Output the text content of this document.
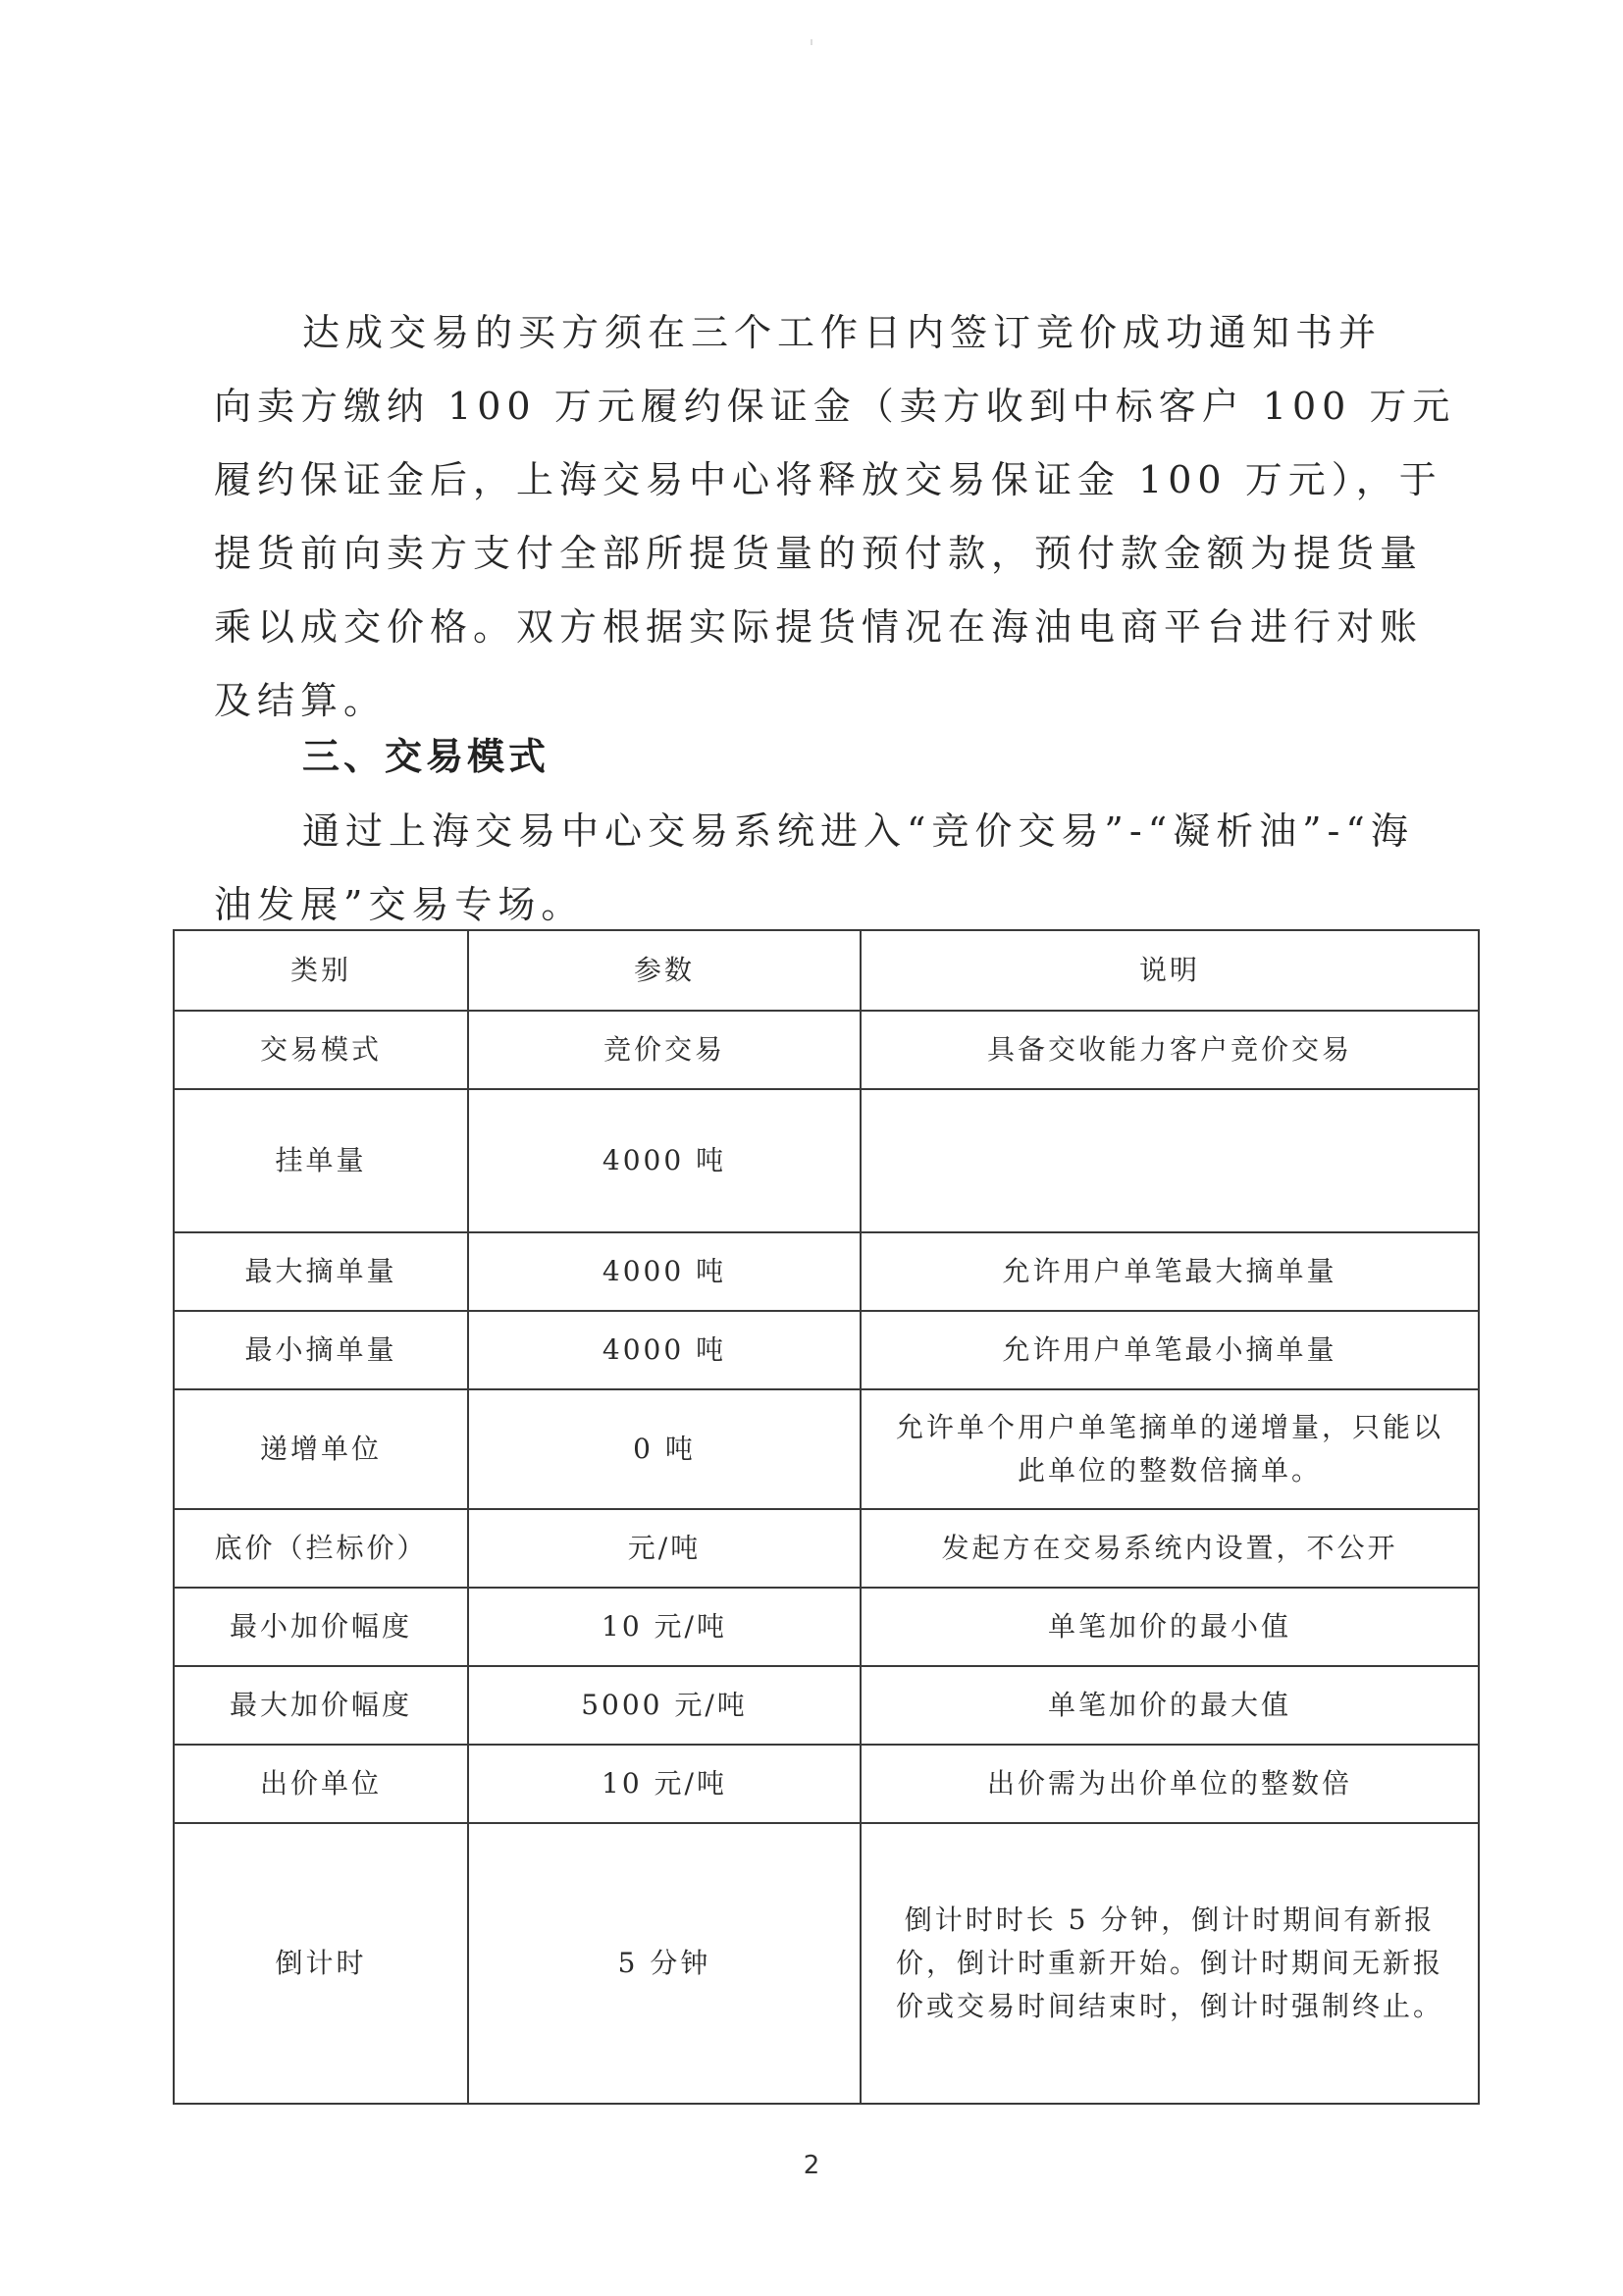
达成交易的买方须在三个工作日内签订竞价成功通知书并
向卖方缴纳 100 万元履约保证金（卖方收到中标客户 100 万元
履约保证金后，上海交易中心将释放交易保证金 100 万元），于
提货前向卖方支付全部所提货量的预付款，预付款金额为提货量
乘以成交价格。双方根据实际提货情况在海油电商平台进行对账
及结算。
三、交易模式
通过上海交易中心交易系统进入“竞价交易”-“凝析油”-“海
油发展”交易专场。
类别	参数	说明
交易模式	竞价交易	具备交收能力客户竞价交易
挂单量	4000 吨	
最大摘单量	4000 吨	允许用户单笔最大摘单量
最小摘单量	4000 吨	允许用户单笔最小摘单量
递增单位	0 吨	允许单个用户单笔摘单的递增量，只能以
此单位的整数倍摘单。

底价（拦标价）	元/吨	发起方在交易系统内设置，不公开
最小加价幅度	10 元/吨	单笔加价的最小值
最大加价幅度	5000 元/吨	单笔加价的最大值
出价单位	10 元/吨	出价需为出价单位的整数倍
倒计时	5 分钟	倒计时时长 5 分钟，倒计时期间有新报
价，倒计时重新开始。倒计时期间无新报
价或交易时间结束时，倒计时强制终止。
2
